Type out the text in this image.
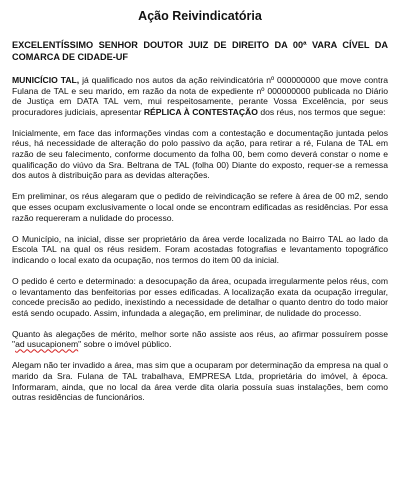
Ação Reivindicatória

EXCELENTÍSSIMO SENHOR DOUTOR JUIZ DE DIREITO DA 00ª VARA CÍVEL DA COMARCA DE CIDADE-UF

MUNICÍCIO TAL, já qualificado nos autos da ação reivindicatória nº 000000000 que move contra Fulana de TAL e seu marido, em razão da nota de expediente nº 000000000 publicada no Diário de Justiça em DATA TAL vem, mui respeitosamente, perante Vossa Excelência, por seus procuradores judiciais, apresentar RÉPLICA À CONTESTAÇÃO dos réus, nos termos que segue:

Inicialmente, em face das informações vindas com a contestação e documentação juntada pelos réus, há necessidade de alteração do polo passivo da ação, para retirar a ré, Fulana de TAL em razão de seu falecimento, conforme documento da folha 00, bem como deverá constar o nome e qualificação do viúvo da Sra. Beltrana de TAL (folha 00) Diante do exposto, requer-se a remessa dos autos à distribuição para as devidas alterações.

Em preliminar, os réus alegaram que o pedido de reivindicação se refere à área de 00 m2, sendo que esses ocupam exclusivamente o local onde se encontram edificadas as residências. Por essa razão requereram a nulidade do processo.

O Município, na inicial, disse ser proprietário da área verde localizada no Bairro TAL ao lado da Escola TAL na qual os réus residem. Foram acostadas fotografias e levantamento topográfico indicando o local exato da ocupação, nos termos do item 00 da inicial.

O pedido é certo e determinado: a desocupação da área, ocupada irregularmente pelos réus, com o levantamento das benfeitorias por esses edificadas. A localização exata da ocupação irregular, concede precisão ao pedido, inexistindo a necessidade de detalhar o quanto dentro do todo maior está sendo ocupado. Assim, infundada a alegação, em preliminar, de nulidade do processo.

Quanto às alegações de mérito, melhor sorte não assiste aos réus, ao afirmar possuírem posse "ad usucapionem" sobre o imóvel público.

Alegam não ter invadido a área, mas sim que a ocuparam por determinação da empresa na qual o marido da Sra. Fulana de TAL trabalhava, EMPRESA Ltda, proprietária do imóvel, à época. Informaram, ainda, que no local da área verde dita olaria possuía suas instalações, bem como outras residências de funcionários.
